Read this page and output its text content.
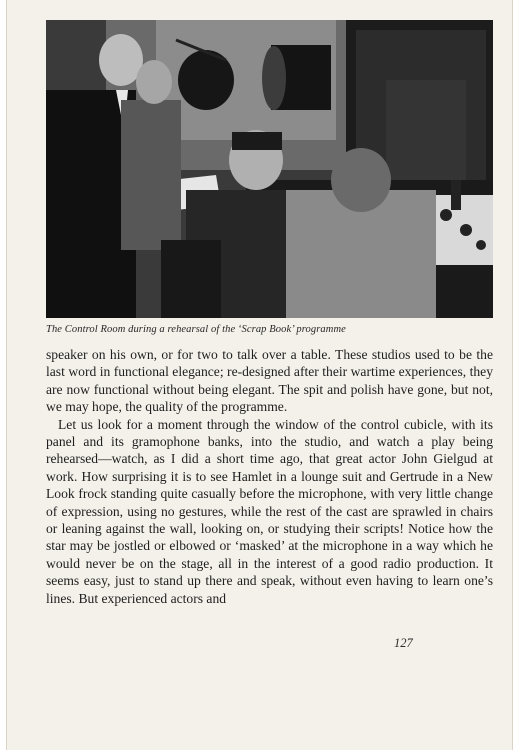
The Control Room during a rehearsal of the ‘Scrap Book’ programme

speaker on his own, or for two to talk over a table. These studios used to be the last word in functional elegance; re-designed after their wartime experiences, they are now functional without being elegant. The spit and polish have gone, but not, we may hope, the quality of the programme.

Let us look for a moment through the window of the control cubicle, with its panel and its gramophone banks, into the studio, and watch a play being rehearsed—watch, as I did a short time ago, that great actor John Gielgud at work. How surprising it is to see Hamlet in a lounge suit and Gertrude in a New Look frock standing quite casually before the microphone, with very little change of expression, using no gestures, while the rest of the cast are sprawled in chairs or leaning against the wall, looking on, or studying their scripts! Notice how the star may be jostled or elbowed or ‘masked’ at the microphone in a way which he would never be on the stage, all in the interest of a good radio production. It seems easy, just to stand up there and speak, without even having to learn one’s lines. But experienced actors and

127
